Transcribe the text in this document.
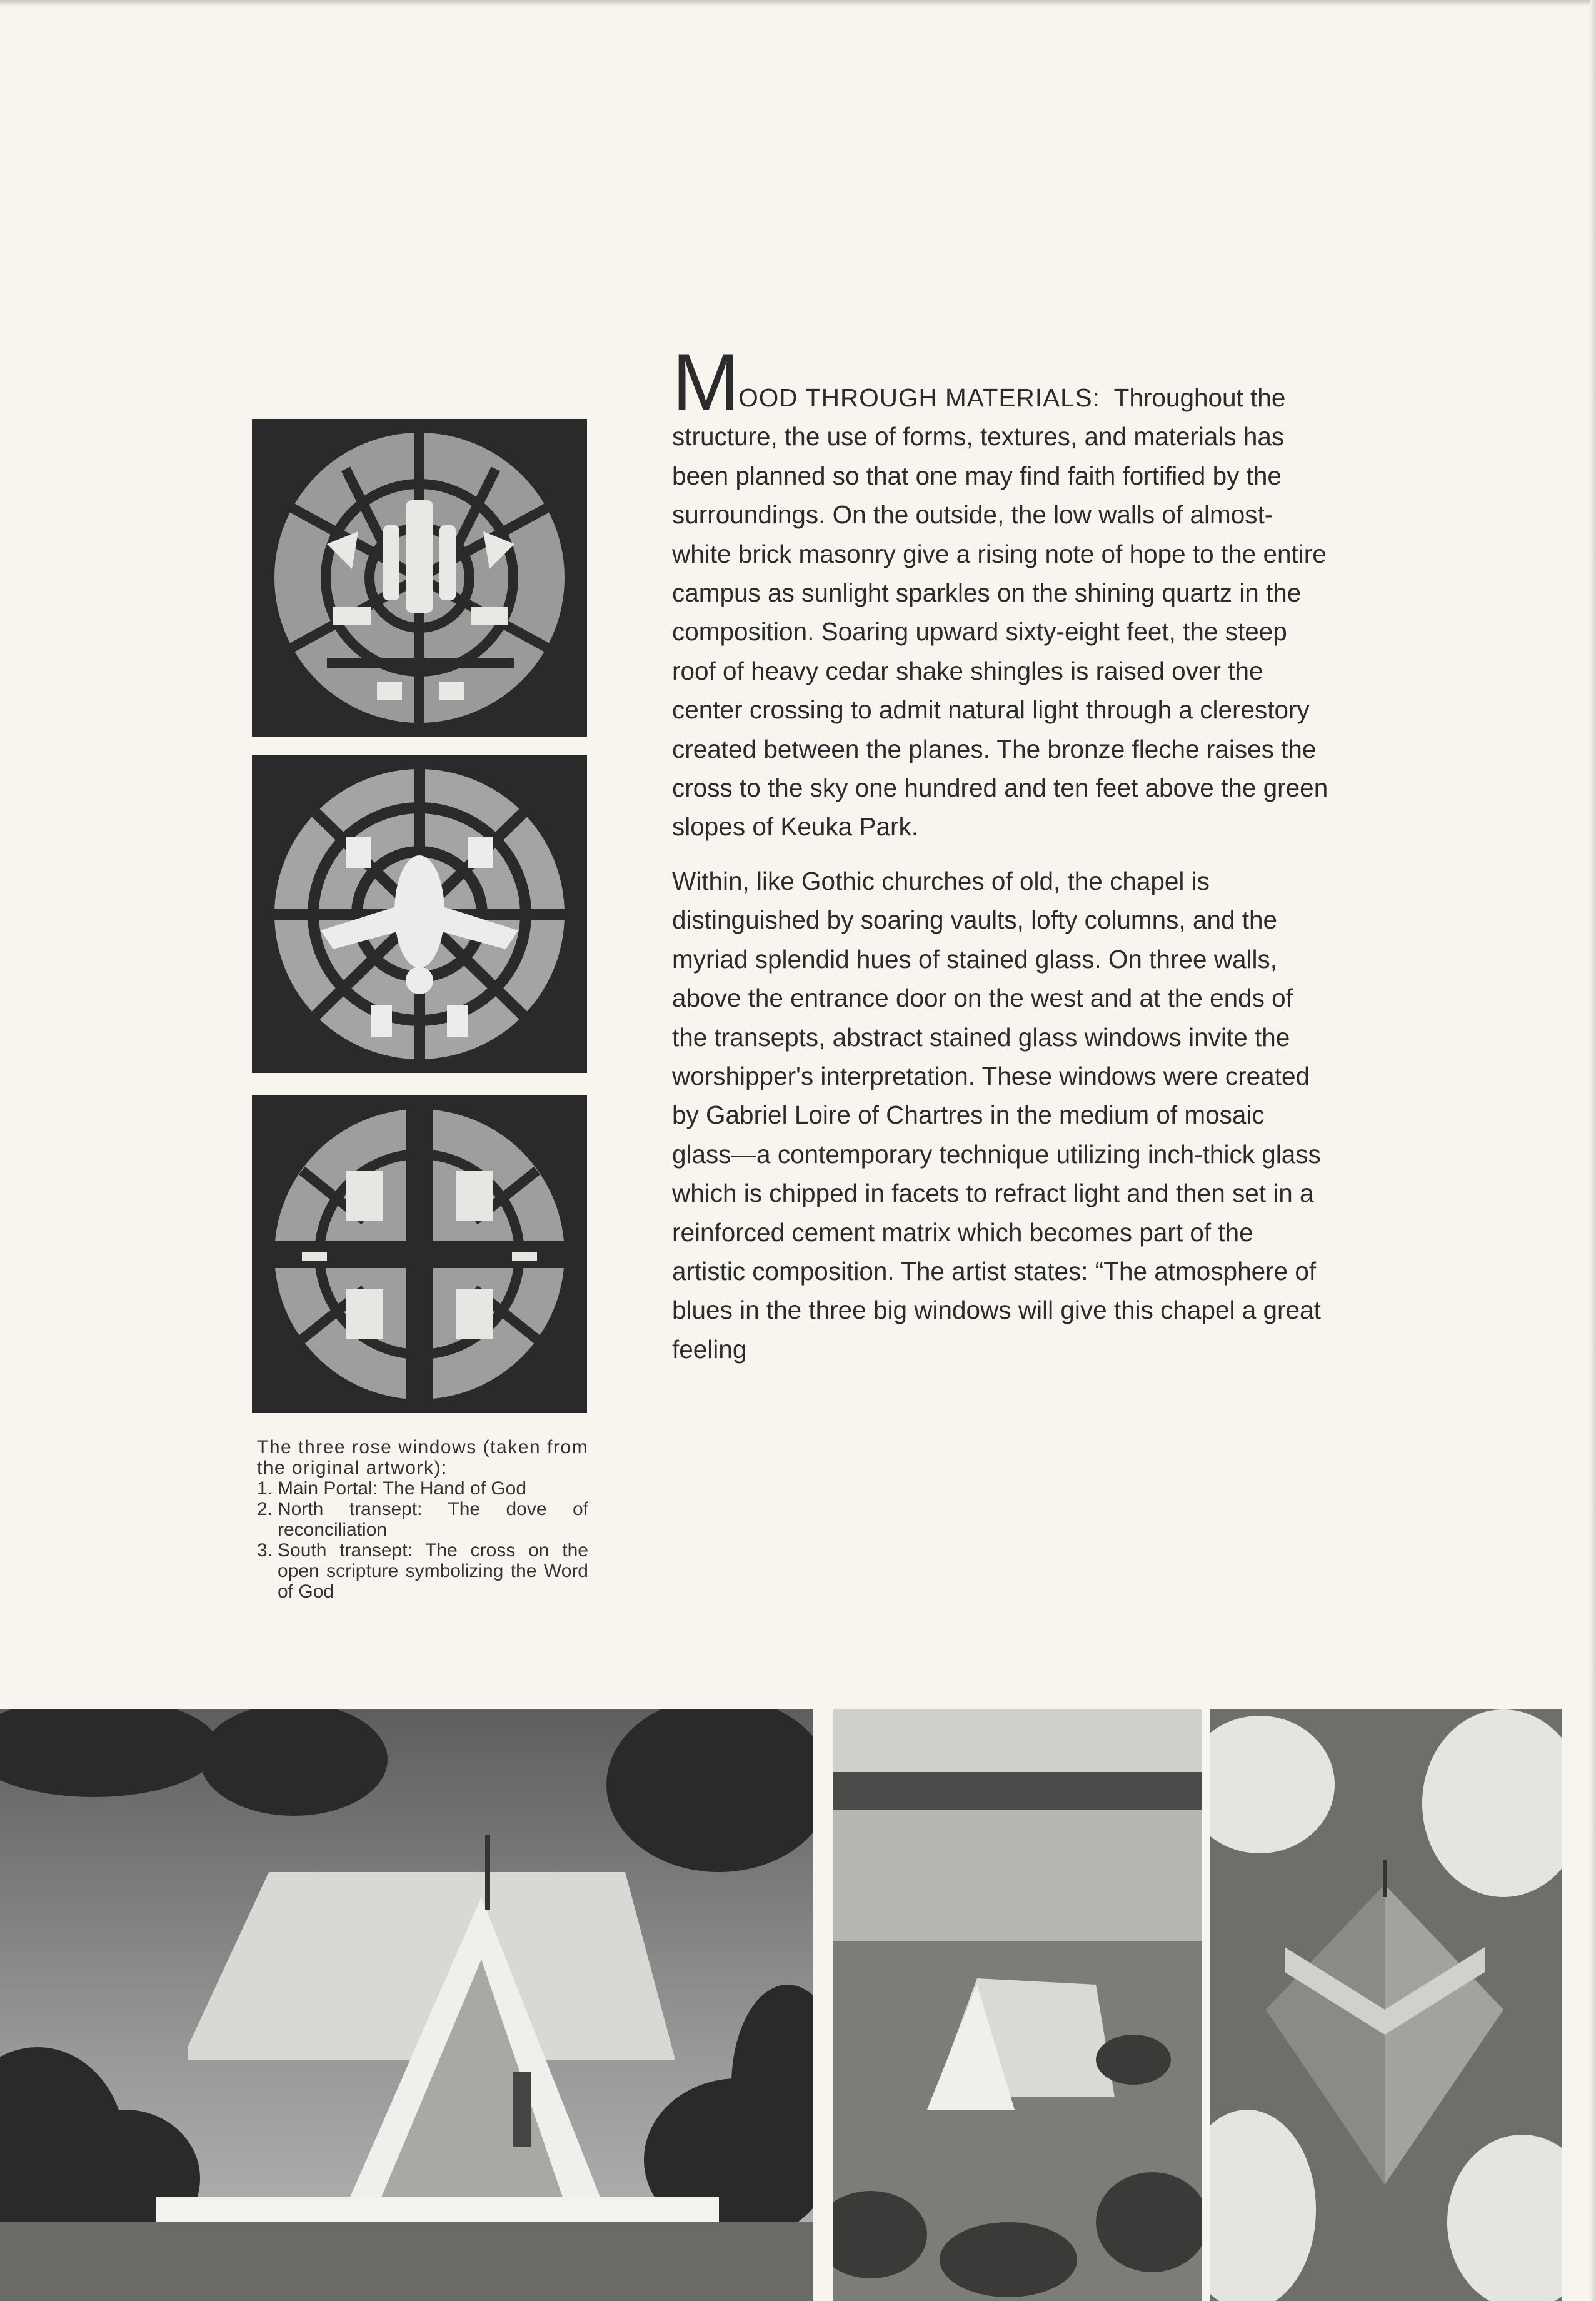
The three rose windows (taken from the original artwork):
1. Main Portal: The Hand of God
2. North transept: The dove of reconciliation
3. South transept: The cross on the open scripture symbolizing the Word of God

MOOD THROUGH MATERIALS: Throughout the structure, the use of forms, textures, and materials has been planned so that one may find faith fortified by the surroundings. On the outside, the low walls of almost-white brick masonry give a rising note of hope to the entire campus as sunlight sparkles on the shining quartz in the composition. Soaring upward sixty-eight feet, the steep roof of heavy cedar shake shingles is raised over the center crossing to admit natural light through a clerestory created between the planes. The bronze fleche raises the cross to the sky one hundred and ten feet above the green slopes of Keuka Park.

Within, like Gothic churches of old, the chapel is distinguished by soaring vaults, lofty columns, and the myriad splendid hues of stained glass. On three walls, above the entrance door on the west and at the ends of the transepts, abstract stained glass windows invite the worshipper's interpretation. These windows were created by Gabriel Loire of Chartres in the medium of mosaic glass—a contemporary technique utilizing inch-thick glass which is chipped in facets to refract light and then set in a reinforced cement matrix which becomes part of the artistic composition. The artist states: “The atmosphere of blues in the three big windows will give this chapel a great feeling
